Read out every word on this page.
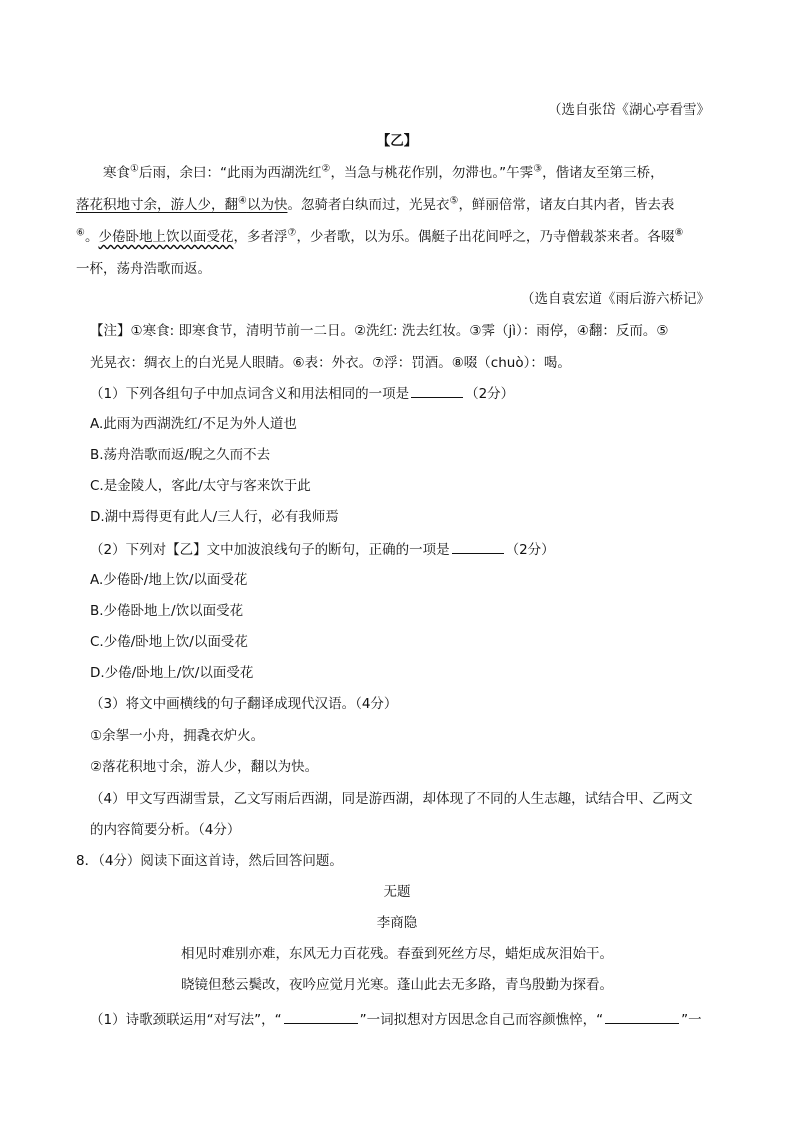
（选自张岱《湖心亭看雪》
【乙】
寒食①后雨，余曰：“此雨为西湖洗红②，当急与桃花作别，勿滞也。”午霁③，偕诸友至第三桥，
落花积地寸余，游人少，翻④以为快。忽骑者白纨而过，光晃衣⑤，鲜丽倍常，诸友白其内者，皆去表
⑥。少倦卧地上饮以面受花，多者浮⑦，少者歌，以为乐。偶艇子出花间呼之，乃寺僧载茶来者。各啜⑧
一杯，荡舟浩歌而返。
（选自袁宏道《雨后游六桥记》
【注】①寒食: 即寒食节，清明节前一二日。②洗红: 洗去红妆。③霁（jì）：雨停，④翻：反而。⑤
光晃衣：绸衣上的白光晃人眼睛。⑥表：外衣。⑦浮：罚酒。⑧啜（chuò）：喝。
（1）下列各组句子中加点词含义和用法相同的一项是	（2分）
A.此雨为西湖洗红/不足为外人道也
B.荡舟浩歌而返/睨之久而不去
C.是金陵人，客此/太守与客来饮于此
D.湖中焉得更有此人/三人行，必有我师焉
（2）下列对【乙】文中加波浪线句子的断句，正确的一项是	（2分）
A.少倦卧/地上饮/以面受花
B.少倦卧地上/饮以面受花
C.少倦/卧地上饮/以面受花
D.少倦/卧地上/饮/以面受花
（3）将文中画横线的句子翻译成现代汉语。（4分）
①余挐一小舟，拥毳衣炉火。
②落花积地寸余，游人少，翻以为快。
（4）甲文写西湖雪景，乙文写雨后西湖，同是游西湖，却体现了不同的人生志趣，试结合甲、乙两文
的内容简要分析。（4分）
8．（4分）阅读下面这首诗，然后回答问题。
无题
李商隐
相见时难别亦难，东风无力百花残。春蚕到死丝方尽，蜡炬成灰泪始干。
晓镜但愁云鬓改，夜吟应觉月光寒。蓬山此去无多路，青鸟殷勤为探看。
（1）诗歌颈联运用“对写法”，“	”一词拟想对方因思念自己而容颜憔悴，“	”一
